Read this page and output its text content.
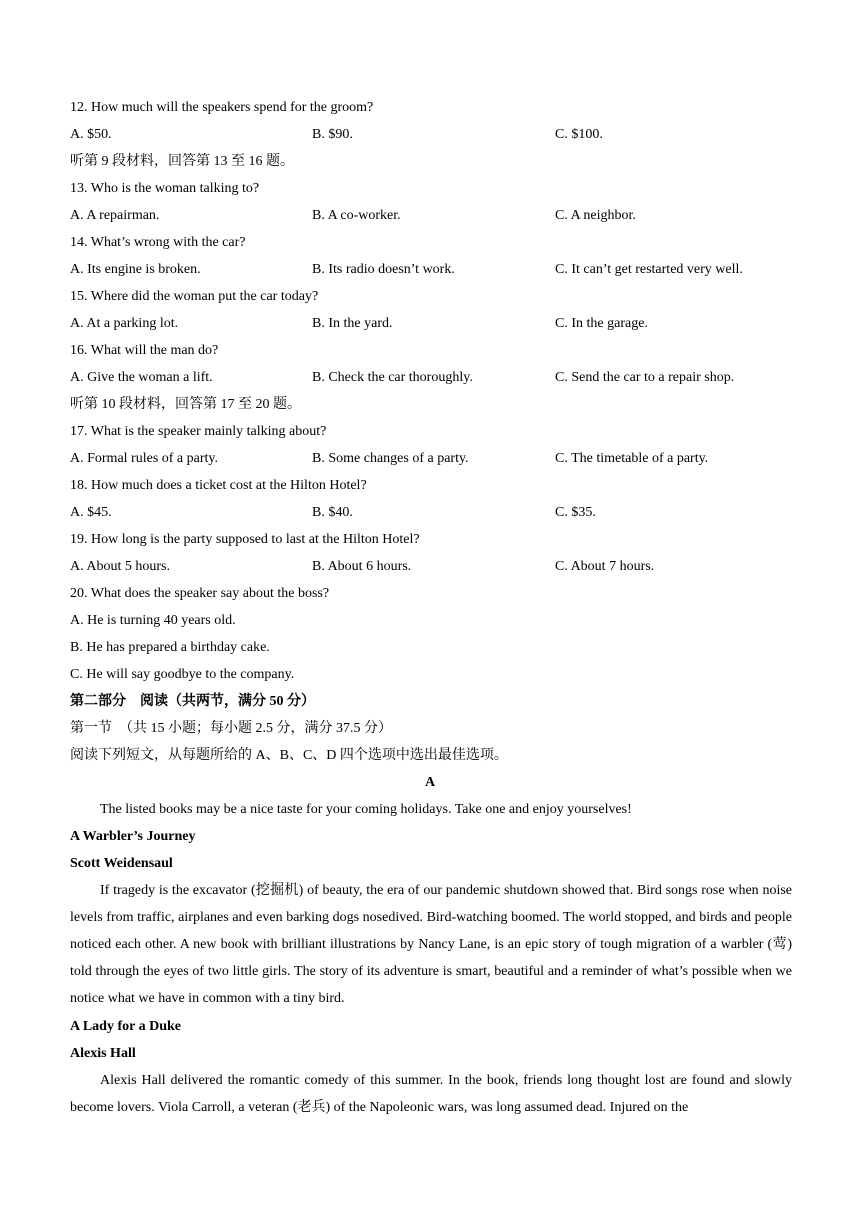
12. How much will the speakers spend for the groom?
A. $50.	B. $90.	C. $100.
听第 9 段材料，回答第 13 至 16 题。
13. Who is the woman talking to?
A. A repairman.	B. A co-worker.	C. A neighbor.
14. What’s wrong with the car?
A. Its engine is broken.	B. Its radio doesn’t work.	C. It can’t get restarted very well.
15. Where did the woman put the car today?
A. At a parking lot.	B. In the yard.	C. In the garage.
16. What will the man do?
A. Give the woman a lift.	B. Check the car thoroughly.	C. Send the car to a repair shop.
听第 10 段材料，回答第 17 至 20 题。
17. What is the speaker mainly talking about?
A. Formal rules of a party.	B. Some changes of a party.	C. The timetable of a party.
18. How much does a ticket cost at the Hilton Hotel?
A. $45.	B. $40.	C. $35.
19. How long is the party supposed to last at the Hilton Hotel?
A. About 5 hours.	B. About 6 hours.	C. About 7 hours.
20. What does the speaker say about the boss?
A. He is turning 40 years old.
B. He has prepared a birthday cake.
C. He will say goodbye to the company.
第二部分　阅读（共两节，满分 50 分）
第一节　（共 15 小题；每小题 2.5 分，满分 37.5 分）
阅读下列短文，从每题所给的 A、B、C、D 四个选项中选出最佳选项。
A
The listed books may be a nice taste for your coming holidays. Take one and enjoy yourselves!
A Warbler’s Journey
Scott Weidensaul
If tragedy is the excavator (挖掘机) of beauty, the era of our pandemic shutdown showed that. Bird songs rose when noise levels from traffic, airplanes and even barking dogs nosedived. Bird-watching boomed. The world stopped, and birds and people noticed each other. A new book with brilliant illustrations by Nancy Lane, is an epic story of tough migration of a warbler (莺) told through the eyes of two little girls. The story of its adventure is smart, beautiful and a reminder of what’s possible when we notice what we have in common with a tiny bird.
A Lady for a Duke
Alexis Hall
Alexis Hall delivered the romantic comedy of this summer. In the book, friends long thought lost are found and slowly become lovers. Viola Carroll, a veteran (老兵) of the Napoleonic wars, was long assumed dead. Injured on the
